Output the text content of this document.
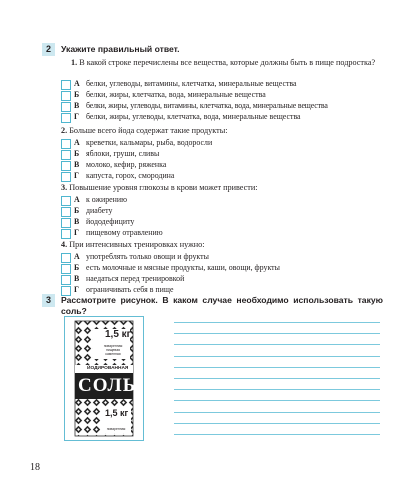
2	Укажите правильный ответ.
1. В какой строке перечислены все вещества, которые должны быть в пище подростка?
А белки, углеводы, витамины, клетчатка, минеральные вещества
Б белки, жиры, клетчатка, вода, минеральные вещества
В белки, жиры, углеводы, витамины, клетчатка, вода, минеральные вещества
Г белки, жиры, углеводы, клетчатка, вода, минеральные вещества
2. Больше всего йода содержат такие продукты:
А креветки, кальмары, рыба, водоросли
Б яблоки, груши, сливы
В молоко, кефир, ряженка
Г капуста, горох, смородина
3. Повышение уровня глюкозы в крови может привести:
А к ожирению
Б диабету
В йододефициту
Г пищевому отравлению
4. При интенсивных тренировках нужно:
А употреблять только овощи и фрукты
Б есть молочные и мясные продукты, каши, овощи, фрукты
В наедаться перед тренировкой
Г ограничивать себя в пище
3	Рассмотрите рисунок. В каком случае необходимо использовать такую соль?
1,5 кг
поваренная
пищевая
каменная
ЙОДИРОВАННАЯ
СОЛЬ
1,5 кг
поваренная
18
